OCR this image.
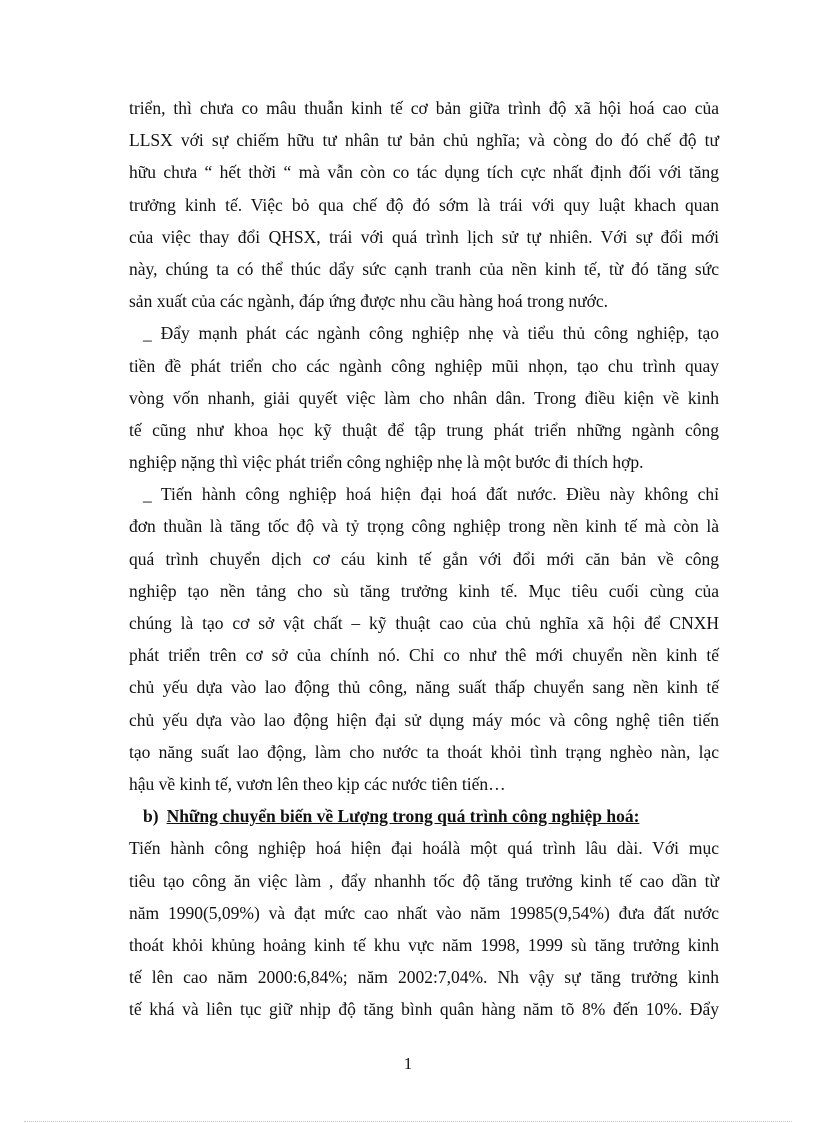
triển, thì chưa co mâu thuẫn kinh tế cơ bản giữa trình độ xã hội hoá cao của
LLSX với sự chiếm hữu tư nhân tư bản chủ nghĩa; và còng do đó chế độ tư
hữu chưa “ hết thời “ mà vẫn còn co tác dụng tích cực nhất định đối với tăng
trưởng kinh tế. Việc bỏ qua chế độ đó sớm là trái với quy luật khach quan
của việc thay đổi QHSX, trái với quá trình lịch sử tự nhiên. Với sự đổi mới
này, chúng ta có thể thúc dẩy sức cạnh tranh của nền kinh tế, từ đó tăng sức
sản xuất của các ngành, đáp ứng được nhu cầu hàng hoá trong nước.
_ Đẩy mạnh phát các ngành công nghiệp nhẹ và tiểu thủ công nghiệp, tạo
tiền đề phát triển cho các ngành công nghiệp mũi nhọn, tạo chu trình quay
vòng vốn nhanh, giải quyết việc làm cho nhân dân. Trong điều kiện về kinh
tế cũng như khoa học kỹ thuật để tập trung phát triển những ngành công
nghiệp nặng thì việc phát triển công nghiệp nhẹ là một bước đi thích hợp.
_ Tiến hành công nghiệp hoá hiện đại hoá đất nước. Điều này không chỉ
đơn thuần là tăng tốc độ và tỷ trọng công nghiệp trong nền kinh tế mà còn là
quá trình chuyển dịch cơ cáu kinh tế gắn với đổi mới căn bản về công
nghiệp tạo nền tảng cho sù tăng trưởng kinh tế. Mục tiêu cuối cùng của
chúng là tạo cơ sở vật chất – kỹ thuật cao của chủ nghĩa xã hội để CNXH
phát triển trên cơ sở của chính nó. Chỉ co như thê mới chuyển nền kinh tế
chủ yếu dựa vào lao động thủ công, năng suất thấp chuyển sang nền kinh tế
chủ yếu dựa vào lao động hiện đại sử dụng máy móc và công nghệ tiên tiến
tạo năng suất lao động, làm cho nước ta thoát khỏi tình trạng nghèo nàn, lạc
hậu về kinh tế, vươn lên theo kịp các nước tiên tiến…
b) Những chuyển biến về Lượng trong quá trình công nghiệp hoá:
Tiến hành công nghiệp hoá hiện đại hoálà một quá trình lâu dài. Với mục
tiêu tạo công ăn việc làm , đẩy nhanhh tốc độ tăng trưởng kinh tế cao dần từ
năm 1990(5,09%) và đạt mức cao nhất vào năm 19985(9,54%) đưa đất nước
thoát khỏi khủng hoảng kinh tế khu vực năm 1998, 1999 sù tăng trưởng kinh
tế lên cao năm 2000:6,84%; năm 2002:7,04%. Nh vậy sự tăng trưởng kinh
tế khá và liên tục giữ nhịp độ tăng bình quân hàng năm tõ 8% đến 10%. Đẩy
1
